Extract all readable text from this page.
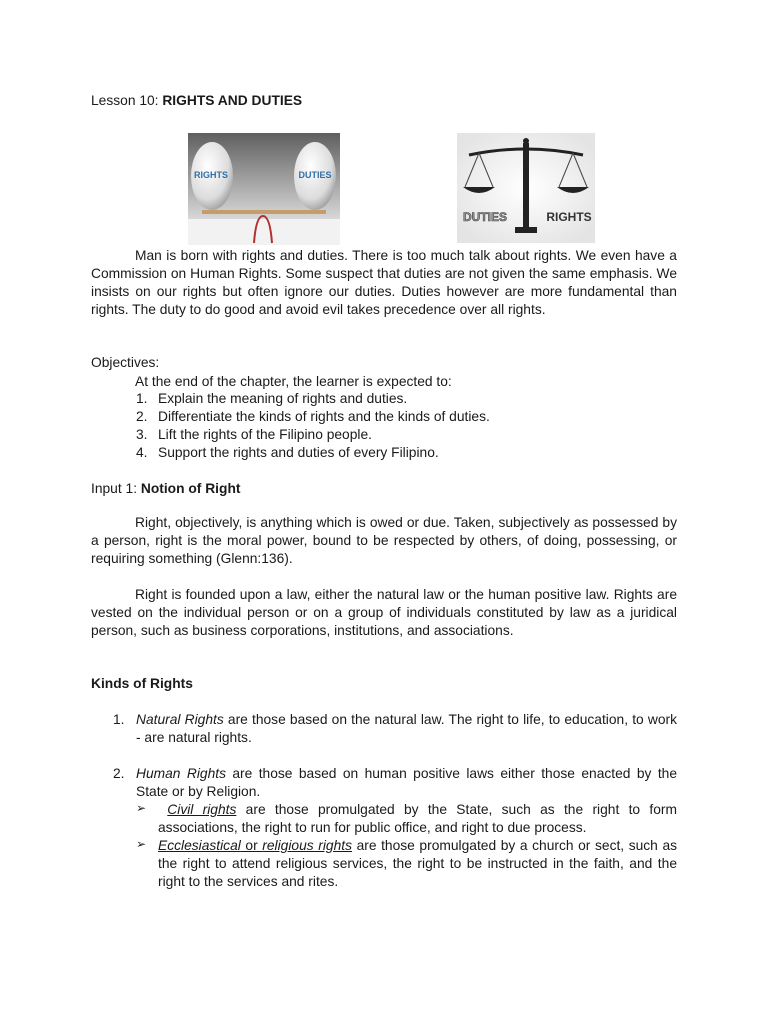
Lesson 10: RIGHTS AND DUTIES
RIGHTS	DUTIES
DUTIES	RIGHTS
Man is born with rights and duties. There is too much talk about rights. We even have a Commission on Human Rights. Some suspect that duties are not given the same emphasis. We insists on our rights but often ignore our duties. Duties however are more fundamental than rights. The duty to do good and avoid evil takes precedence over all rights.
Objectives:
At the end of the chapter, the learner is expected to:
1. Explain the meaning of rights and duties.
2. Differentiate the kinds of rights and the kinds of duties.
3. Lift the rights of the Filipino people.
4. Support the rights and duties of every Filipino.
Input 1: Notion of Right
Right, objectively, is anything which is owed or due. Taken, subjectively as possessed by a person, right is the moral power, bound to be respected by others, of doing, possessing, or requiring something (Glenn:136).
Right is founded upon a law, either the natural law or the human positive law. Rights are vested on the individual person or on a group of individuals constituted by law as a juridical person, such as business corporations, institutions, and associations.
Kinds of Rights
1. Natural Rights are those based on the natural law. The right to life, to education, to work - are natural rights.
2. Human Rights are those based on human positive laws either those enacted by the State or by Religion.
➢	Civil rights are those promulgated by the State, such as the right to form associations, the right to run for public office, and right to due process.
➢ Ecclesiastical or religious rights are those promulgated by a church or sect, such as the right to attend religious services, the right to be instructed in the faith, and the right to the services and rites.
